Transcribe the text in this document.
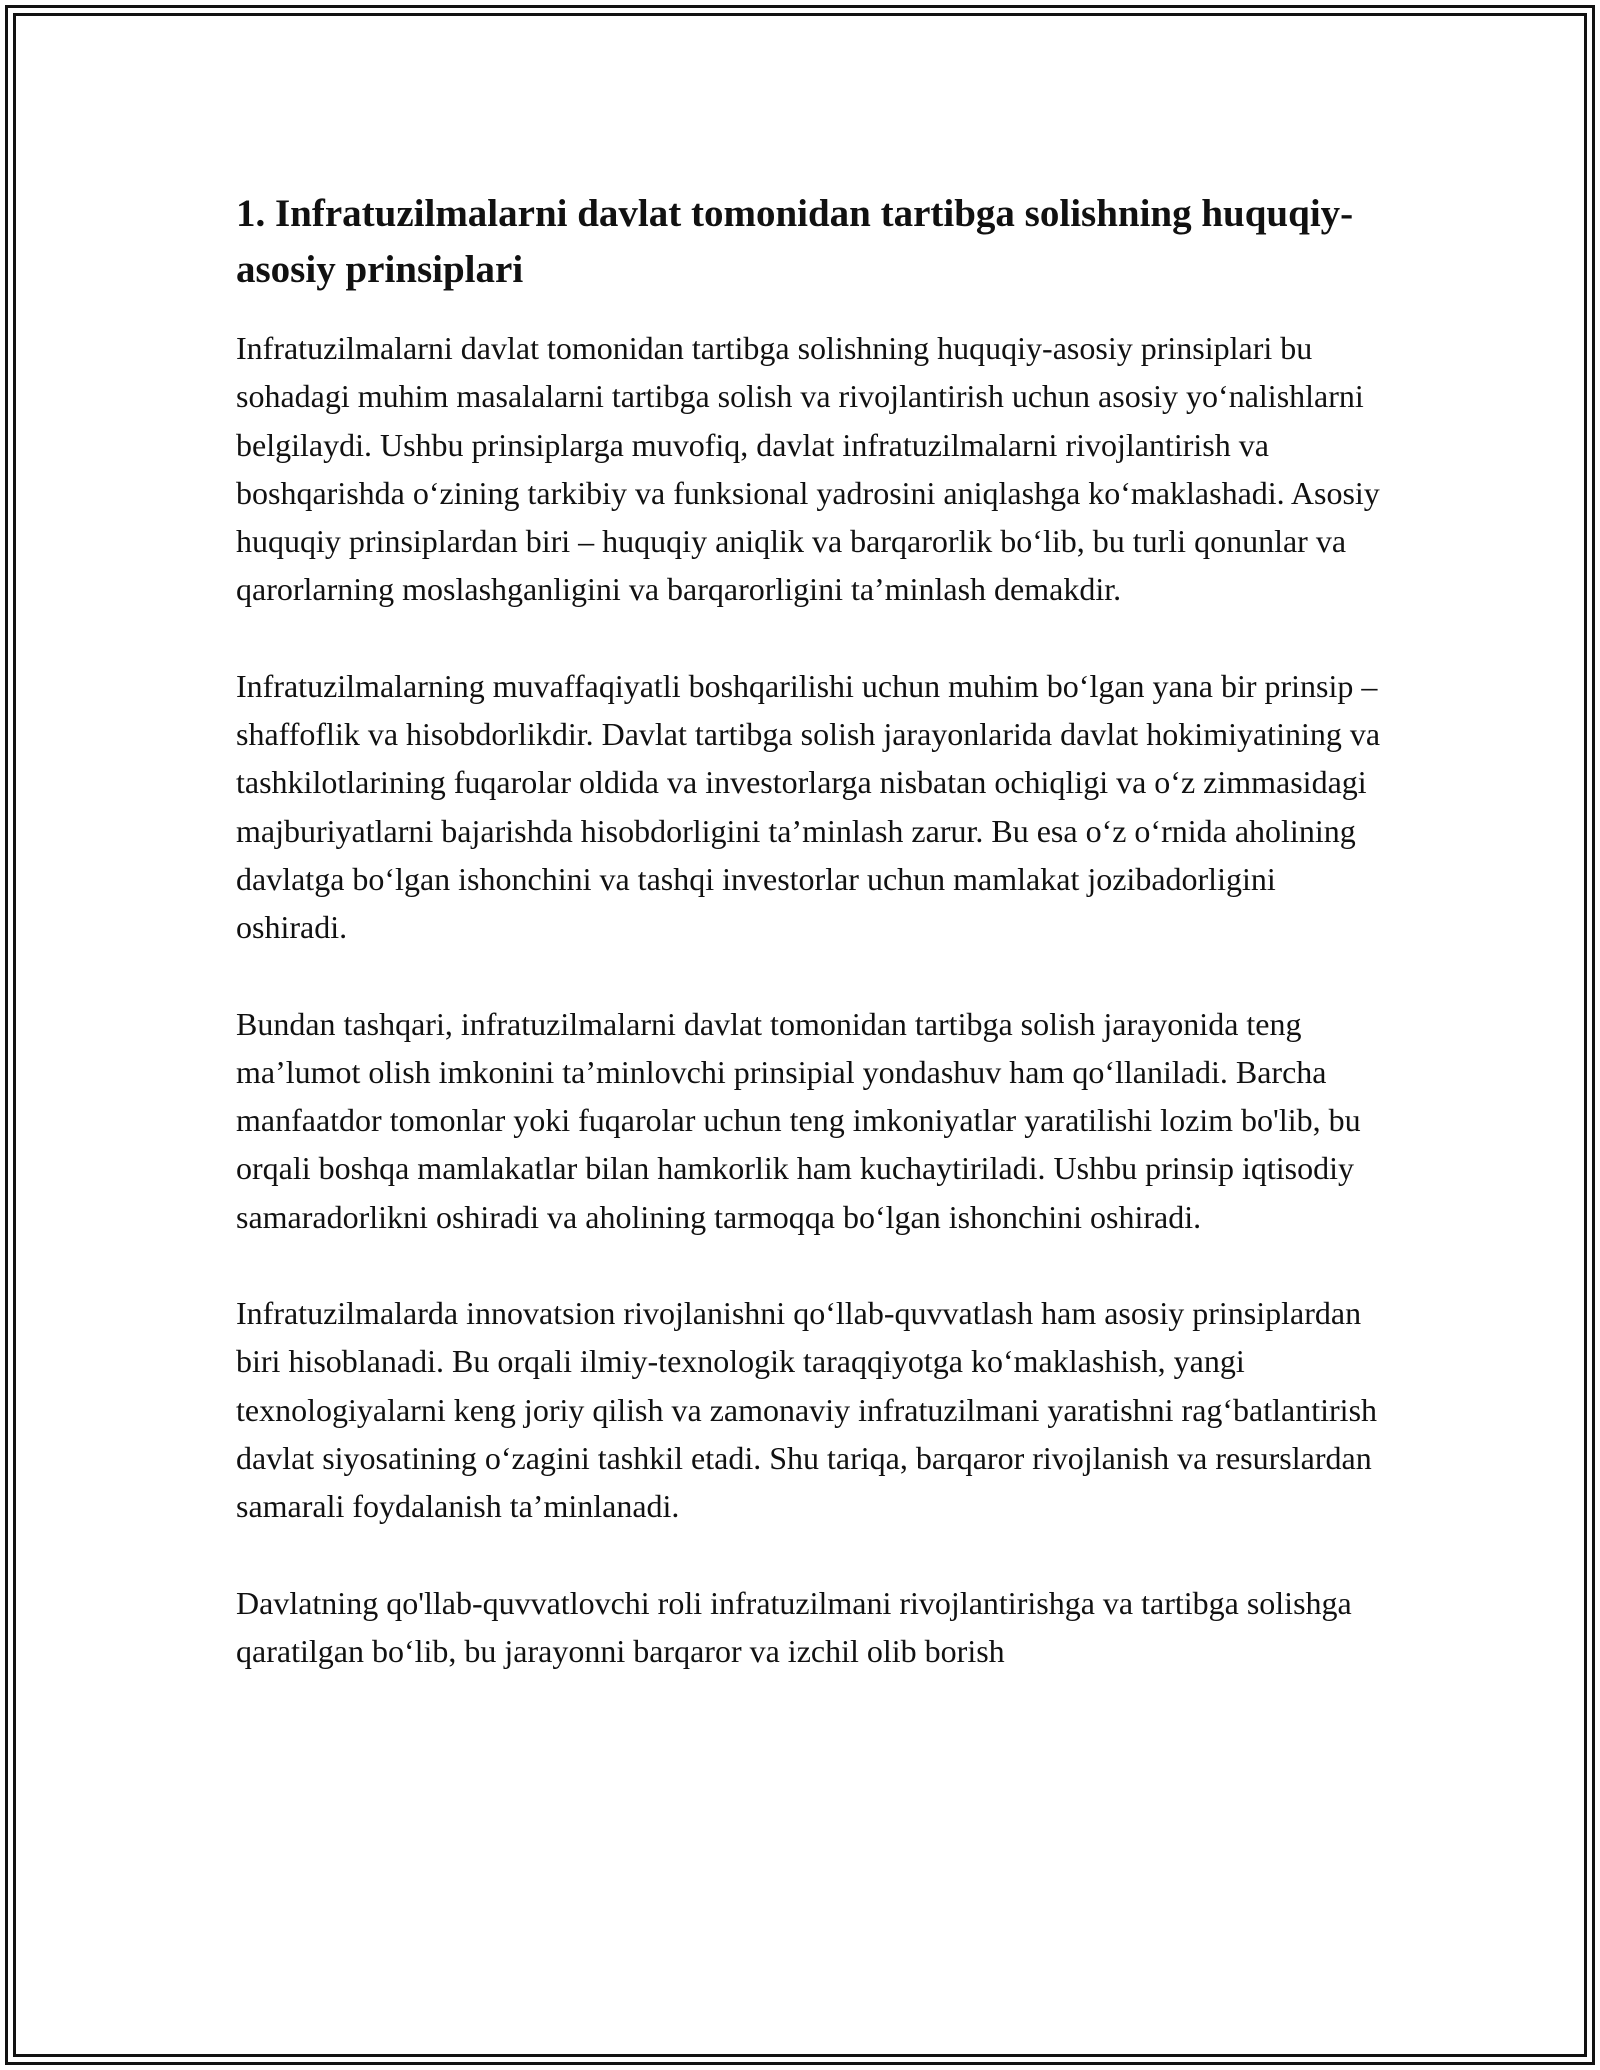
1. Infratuzilmalarni davlat tomonidan tartibga solishning huquqiy-asosiy prinsiplari

Infratuzilmalarni davlat tomonidan tartibga solishning huquqiy-asosiy prinsiplari bu sohadagi muhim masalalarni tartibga solish va rivojlantirish uchun asosiy yo‘nalishlarni belgilaydi. Ushbu prinsiplarga muvofiq, davlat infratuzilmalarni rivojlantirish va boshqarishda o‘zining tarkibiy va funksional yadrosini aniqlashga ko‘maklashadi. Asosiy huquqiy prinsiplardan biri – huquqiy aniqlik va barqarorlik bo‘lib, bu turli qonunlar va qarorlarning moslashganligini va barqarorligini ta’minlash demakdir.

Infratuzilmalarning muvaffaqiyatli boshqarilishi uchun muhim bo‘lgan yana bir prinsip – shaffoflik va hisobdorlikdir. Davlat tartibga solish jarayonlarida davlat hokimiyatining va tashkilotlarining fuqarolar oldida va investorlarga nisbatan ochiqligi va o‘z zimmasidagi majburiyatlarni bajarishda hisobdorligini ta’minlash zarur. Bu esa o‘z o‘rnida aholining davlatga bo‘lgan ishonchini va tashqi investorlar uchun mamlakat jozibadorligini oshiradi.

Bundan tashqari, infratuzilmalarni davlat tomonidan tartibga solish jarayonida teng ma’lumot olish imkonini ta’minlovchi prinsipial yondashuv ham qo‘llaniladi. Barcha manfaatdor tomonlar yoki fuqarolar uchun teng imkoniyatlar yaratilishi lozim bo'lib, bu orqali boshqa mamlakatlar bilan hamkorlik ham kuchaytiriladi. Ushbu prinsip iqtisodiy samaradorlikni oshiradi va aholining tarmoqqa bo‘lgan ishonchini oshiradi.

Infratuzilmalarda innovatsion rivojlanishni qo‘llab-quvvatlash ham asosiy prinsiplardan biri hisoblanadi. Bu orqali ilmiy-texnologik taraqqiyotga ko‘maklashish, yangi texnologiyalarni keng joriy qilish va zamonaviy infratuzilmani yaratishni rag‘batlantirish davlat siyosatining o‘zagini tashkil etadi. Shu tariqa, barqaror rivojlanish va resurslardan samarali foydalanish ta’minlanadi.

Davlatning qo'llab-quvvatlovchi roli infratuzilmani rivojlantirishga va tartibga solishga qaratilgan bo‘lib, bu jarayonni barqaror va izchil olib borish
